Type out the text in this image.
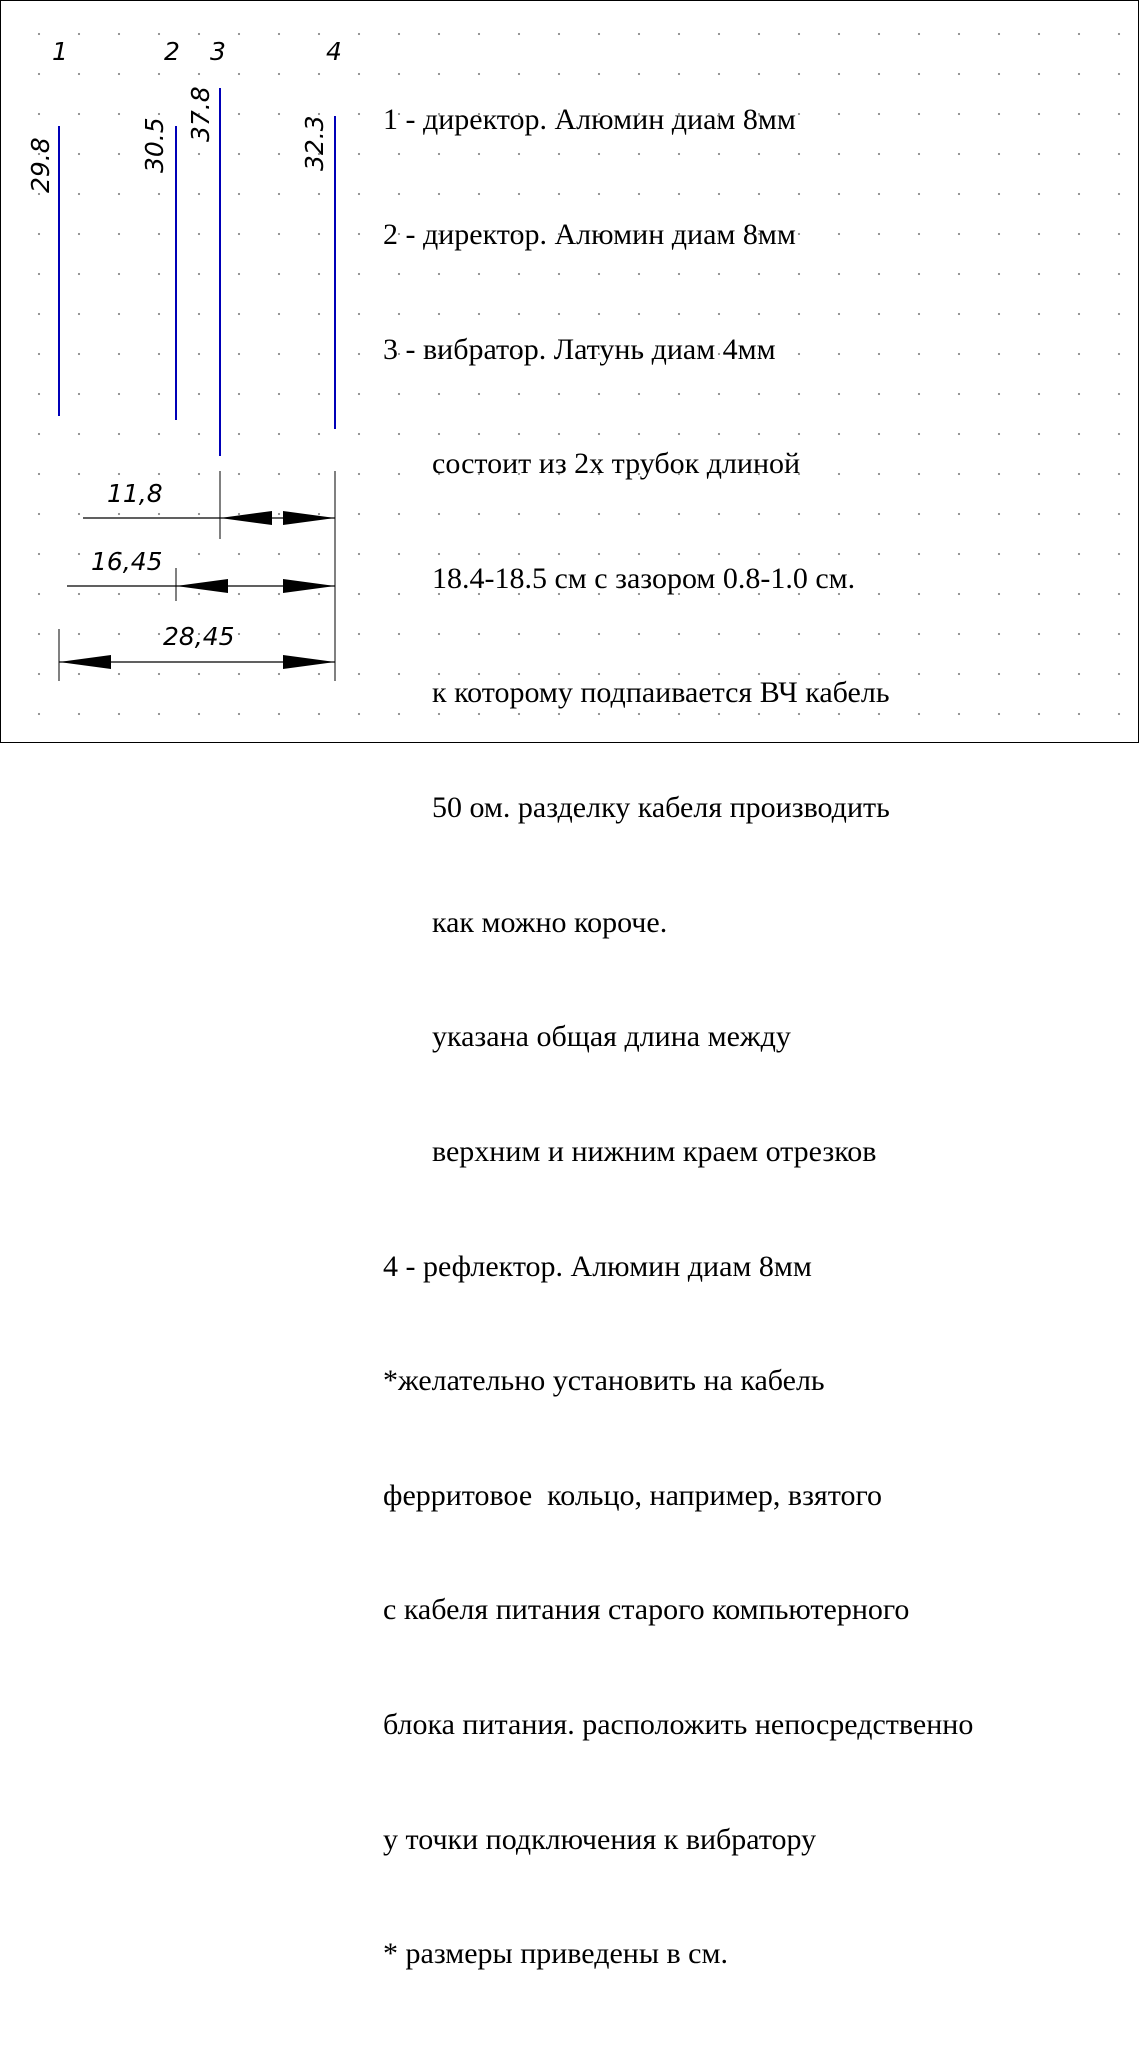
1	2 3	4
29.8	30.5
37.8
32.3
11,8
16,45
28,45

1 - директор. Алюмин диам 8мм

2 - директор. Алюмин диам 8мм

3 - вибратор. Латунь диам 4мм

состоит из 2х трубок длиной

18.4-18.5 см с зазором 0.8-1.0 см.

к которому подпаивается ВЧ кабель

50 ом. разделку кабеля производить

как можно короче.

указана общая длина между

верхним и нижним краем отрезков

4 - рефлектор. Алюмин диам 8мм

*желательно установить на кабель

ферритовое  кольцо, например, взятого

с кабеля питания старого компьютерного

блока питания. расположить непосредственно

у точки подключения к вибратору

* размеры приведены в см.
